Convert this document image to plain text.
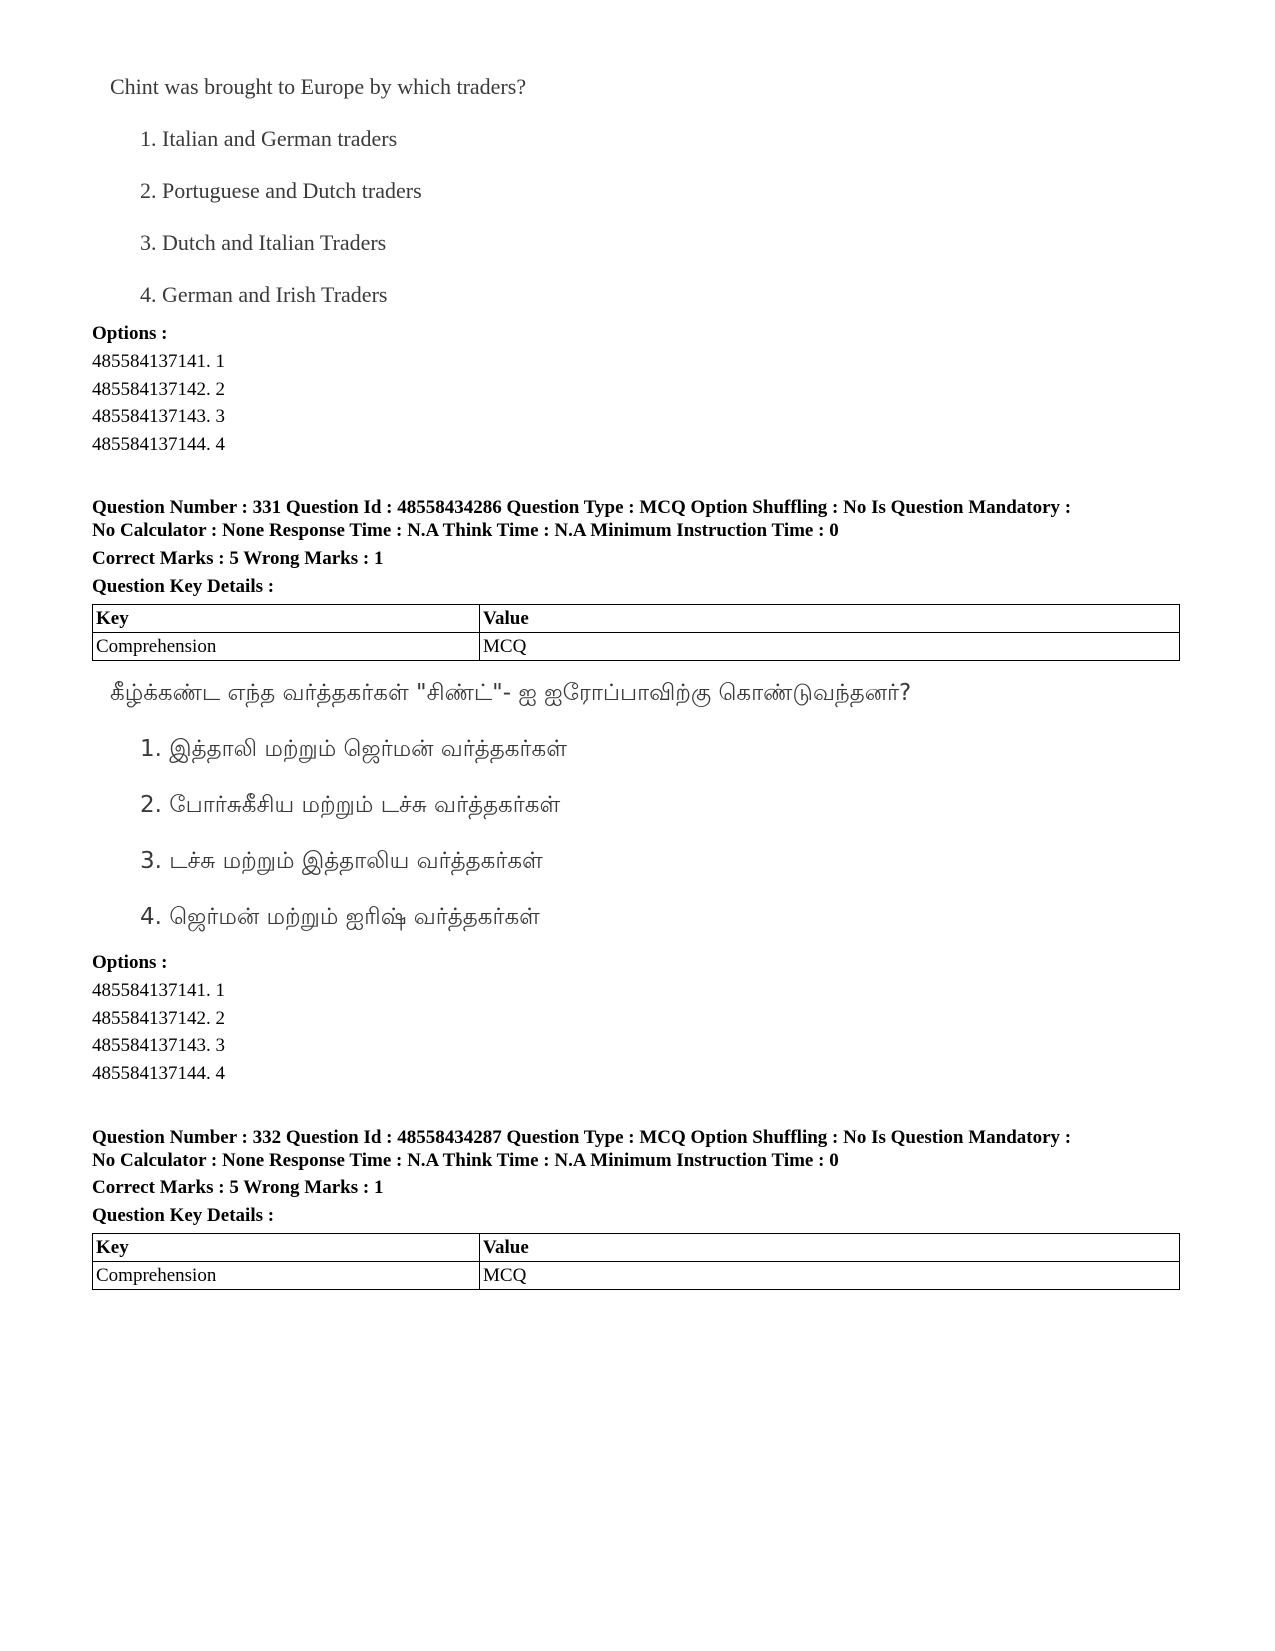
Chint was brought to Europe by which traders?
1. Italian and German traders
2. Portuguese and Dutch traders
3. Dutch and Italian Traders
4. German and Irish Traders
Options :
485584137141. 1
485584137142. 2
485584137143. 3
485584137144. 4
Question Number : 331 Question Id : 48558434286 Question Type : MCQ Option Shuffling : No Is Question Mandatory :
No Calculator : None Response Time : N.A Think Time : N.A Minimum Instruction Time : 0
Correct Marks : 5 Wrong Marks : 1
Question Key Details :
Key	Value
Comprehension	MCQ
கீழ்க்கண்ட எந்த வர்த்தகர்கள் "சிண்ட்"- ஐ ஐரோப்பாவிற்கு கொண்டுவந்தனர்?
1. இத்தாலி மற்றும் ஜெர்மன் வர்த்தகர்கள்
2. போர்சுகீசிய மற்றும் டச்சு வர்த்தகர்கள்
3. டச்சு மற்றும் இத்தாலிய வர்த்தகர்கள்
4. ஜெர்மன் மற்றும் ஐரிஷ் வர்த்தகர்கள்
Options :
485584137141. 1
485584137142. 2
485584137143. 3
485584137144. 4
Question Number : 332 Question Id : 48558434287 Question Type : MCQ Option Shuffling : No Is Question Mandatory :
No Calculator : None Response Time : N.A Think Time : N.A Minimum Instruction Time : 0
Correct Marks : 5 Wrong Marks : 1
Question Key Details :
Key	Value
Comprehension	MCQ
